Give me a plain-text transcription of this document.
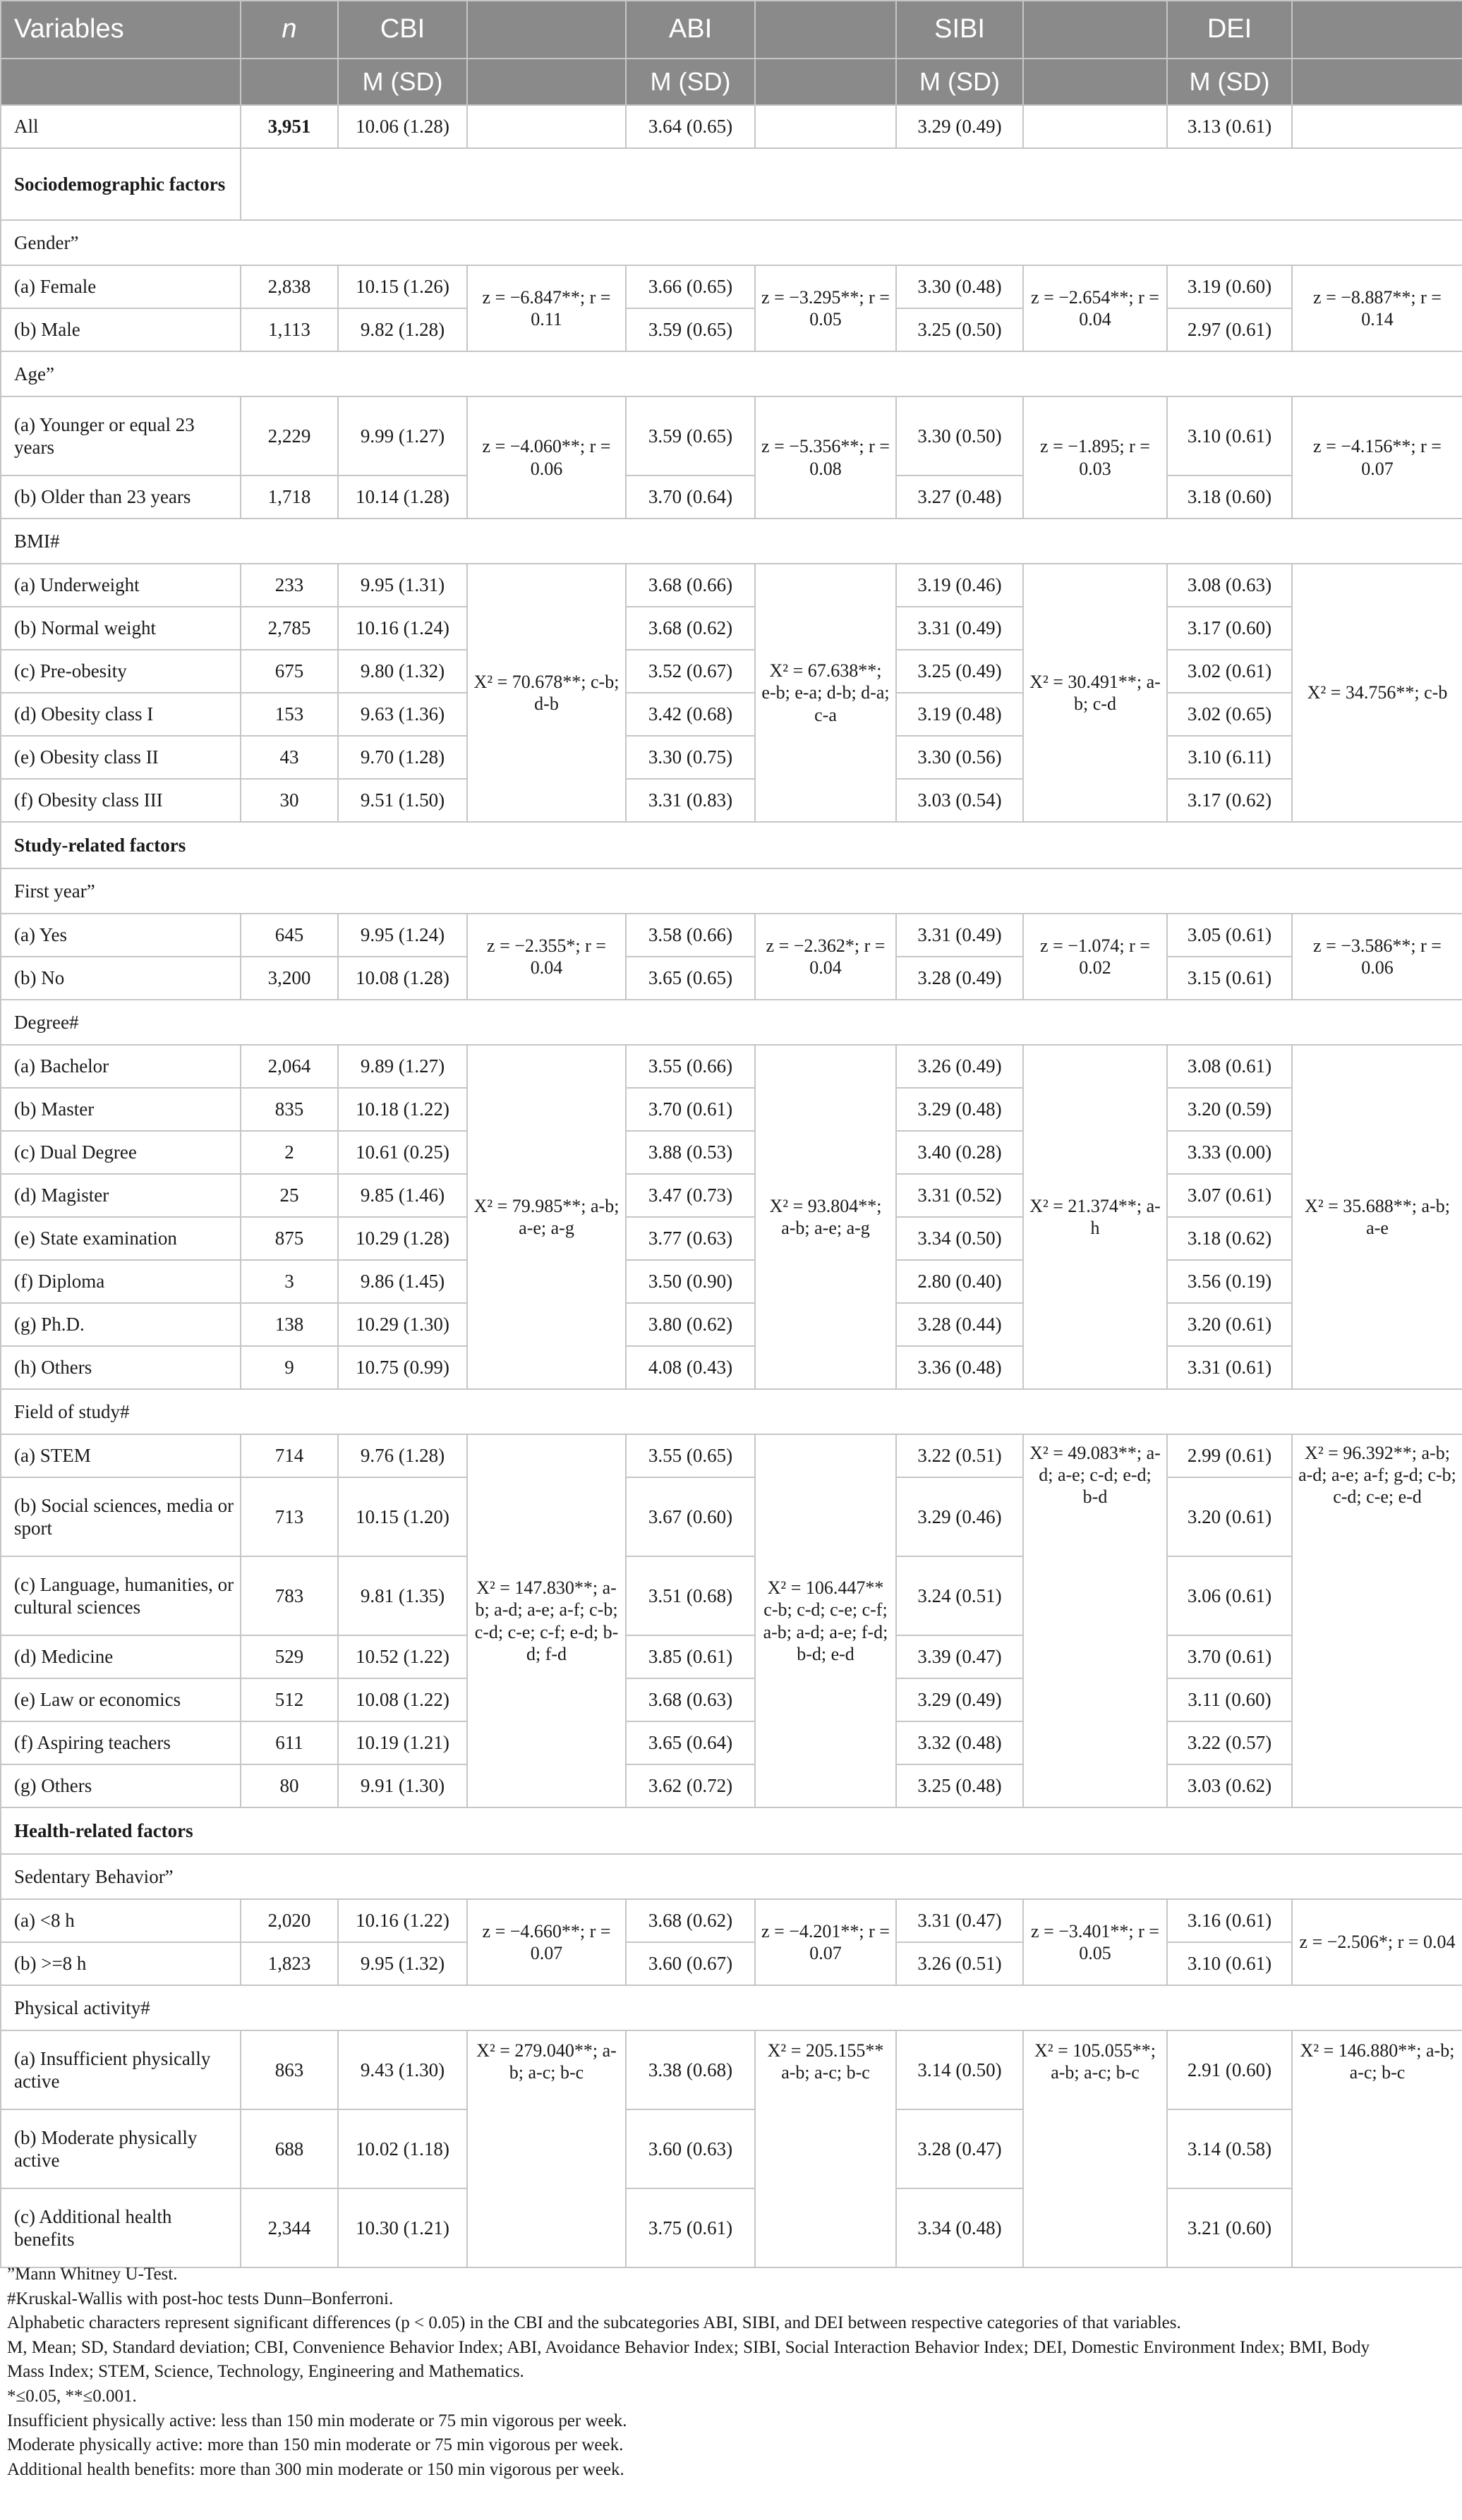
Variables	n	CBI		ABI		SIBI		DEI	
		M (SD)		M (SD)		M (SD)		M (SD)	
All	3,951	10.06 (1.28)		3.64 (0.65)		3.29 (0.49)		3.13 (0.61)	
Sociodemographic factors									
Gender”									
(a) Female	2,838	10.15 (1.26)	z = −6.847**; r = 0.11	3.66 (0.65)	z = −3.295**; r = 0.05	3.30 (0.48)	z = −2.654**; r = 0.04	3.19 (0.60)	z = −8.887**; r = 0.14
(b) Male	1,113	9.82 (1.28)		3.59 (0.65)		3.25 (0.50)		2.97 (0.61)	
Age”									
(a) Younger or equal 23 years	2,229	9.99 (1.27)	z = −4.060**; r = 0.06	3.59 (0.65)	z = −5.356**; r = 0.08	3.30 (0.50)	z = −1.895; r = 0.03	3.10 (0.61)	z = −4.156**; r = 0.07
(b) Older than 23 years	1,718	10.14 (1.28)		3.70 (0.64)		3.27 (0.48)		3.18 (0.60)	
BMI#									
(a) Underweight	233	9.95 (1.31)	X² = 70.678**; c-b; d-b	3.68 (0.66)	X² = 67.638**; e-b; e-a; d-b; d-a; c-a	3.19 (0.46)	X² = 30.491**; a-b; c-d	3.08 (0.63)	X² = 34.756**; c-b
(b) Normal weight	2,785	10.16 (1.24)		3.68 (0.62)		3.31 (0.49)		3.17 (0.60)	
(c) Pre-obesity	675	9.80 (1.32)		3.52 (0.67)		3.25 (0.49)		3.02 (0.61)	
(d) Obesity class I	153	9.63 (1.36)		3.42 (0.68)		3.19 (0.48)		3.02 (0.65)	
(e) Obesity class II	43	9.70 (1.28)		3.30 (0.75)		3.30 (0.56)		3.10 (6.11)	
(f) Obesity class III	30	9.51 (1.50)		3.31 (0.83)		3.03 (0.54)		3.17 (0.62)	
Study-related factors									
First year”									
(a) Yes	645	9.95 (1.24)	z = −2.355*; r = 0.04	3.58 (0.66)	z = −2.362*; r = 0.04	3.31 (0.49)	z = −1.074; r = 0.02	3.05 (0.61)	z = −3.586**; r = 0.06
(b) No	3,200	10.08 (1.28)		3.65 (0.65)		3.28 (0.49)		3.15 (0.61)	
Degree#									
(a) Bachelor	2,064	9.89 (1.27)	X² = 79.985**; a-b; a-e; a-g	3.55 (0.66)	X² = 93.804**; a-b; a-e; a-g	3.26 (0.49)	X² = 21.374**; a-h	3.08 (0.61)	X² = 35.688**; a-b; a-e
(b) Master	835	10.18 (1.22)		3.70 (0.61)		3.29 (0.48)		3.20 (0.59)	
(c) Dual Degree	2	10.61 (0.25)		3.88 (0.53)		3.40 (0.28)		3.33 (0.00)	
(d) Magister	25	9.85 (1.46)		3.47 (0.73)		3.31 (0.52)		3.07 (0.61)	
(e) State examination	875	10.29 (1.28)		3.77 (0.63)		3.34 (0.50)		3.18 (0.62)	
(f) Diploma	3	9.86 (1.45)		3.50 (0.90)		2.80 (0.40)		3.56 (0.19)	
(g) Ph.D.	138	10.29 (1.30)		3.80 (0.62)		3.28 (0.44)		3.20 (0.61)	
(h) Others	9	10.75 (0.99)		4.08 (0.43)		3.36 (0.48)		3.31 (0.61)	
Field of study#									
(a) STEM	714	9.76 (1.28)	X² = 147.830**; a-b; a-d; a-e; a-f; c-b; c-d; c-e; c-f; e-d; b-d; f-d	3.55 (0.65)	X² = 106.447** c-b; c-d; c-e; c-f; a-b; a-d; a-e; f-d; b-d; e-d	3.22 (0.51)	X² = 49.083**; a-d; a-e; c-d; e-d; b-d	2.99 (0.61)	X² = 96.392**; a-b; a-d; a-e; a-f; g-d; c-b; c-d; c-e; e-d
(b) Social sciences, media or sport	713	10.15 (1.20)		3.67 (0.60)		3.29 (0.46)		3.20 (0.61)	
(c) Language, humanities, or cultural sciences	783	9.81 (1.35)		3.51 (0.68)		3.24 (0.51)		3.06 (0.61)	
(d) Medicine	529	10.52 (1.22)		3.85 (0.61)		3.39 (0.47)		3.70 (0.61)	
(e) Law or economics	512	10.08 (1.22)		3.68 (0.63)		3.29 (0.49)		3.11 (0.60)	
(f) Aspiring teachers	611	10.19 (1.21)		3.65 (0.64)		3.32 (0.48)		3.22 (0.57)	
(g) Others	80	9.91 (1.30)		3.62 (0.72)		3.25 (0.48)		3.03 (0.62)	
Health-related factors									
Sedentary Behavior”									
(a) <8 h	2,020	10.16 (1.22)	z = −4.660**; r = 0.07	3.68 (0.62)	z = −4.201**; r = 0.07	3.31 (0.47)	z = −3.401**; r = 0.05	3.16 (0.61)	z = −2.506*; r = 0.04
(b) >=8 h	1,823	9.95 (1.32)		3.60 (0.67)		3.26 (0.51)		3.10 (0.61)	
Physical activity#									
(a) Insufficient physically active	863	9.43 (1.30)	X² = 279.040**; a-b; a-c; b-c	3.38 (0.68)	X² = 205.155** a-b; a-c; b-c	3.14 (0.50)	X² = 105.055**; a-b; a-c; b-c	2.91 (0.60)	X² = 146.880**; a-b; a-c; b-c
(b) Moderate physically active	688	10.02 (1.18)		3.60 (0.63)		3.28 (0.47)		3.14 (0.58)	
(c) Additional health benefits	2,344	10.30 (1.21)		3.75 (0.61)		3.34 (0.48)		3.21 (0.60)	
”Mann Whitney U-Test.
#Kruskal-Wallis with post-hoc tests Dunn–Bonferroni.
Alphabetic characters represent significant differences (p < 0.05) in the CBI and the subcategories ABI, SIBI, and DEI between respective categories of that variables.
M, Mean; SD, Standard deviation; CBI, Convenience Behavior Index; ABI, Avoidance Behavior Index; SIBI, Social Interaction Behavior Index; DEI, Domestic Environment Index; BMI, Body
Mass Index; STEM, Science, Technology, Engineering and Mathematics.
*≤0.05, **≤0.001.
Insufficient physically active: less than 150 min moderate or 75 min vigorous per week.
Moderate physically active: more than 150 min moderate or 75 min vigorous per week.
Additional health benefits: more than 300 min moderate or 150 min vigorous per week.
